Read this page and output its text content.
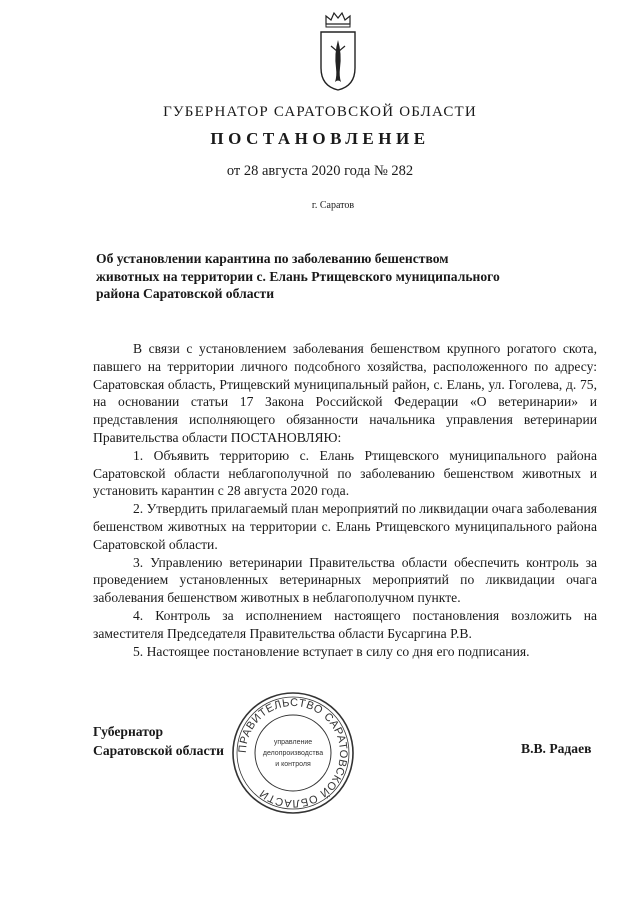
ГУБЕРНАТОР САРАТОВСКОЙ ОБЛАСТИ
ПОСТАНОВЛЕНИЕ
от 28 августа 2020 года № 282
г. Саратов
Об установлении карантина по заболеванию бешенством
животных на территории с. Елань Ртищевского муниципального
района Саратовской области

В связи с установлением заболевания бешенством крупного рогатого скота, павшего на территории личного подсобного хозяйства, расположенного по адресу: Саратовская область, Ртищевский муниципальный район, с. Елань, ул. Гоголева, д. 75, на основании статьи 17 Закона Российской Федерации «О ветеринарии» и представления исполняющего обязанности начальника управления ветеринарии Правительства области ПОСТАНОВЛЯЮ:

1. Объявить территорию с. Елань Ртищевского муниципального района Саратовской области неблагополучной по заболеванию бешенством животных и установить карантин с 28 августа 2020 года.

2. Утвердить прилагаемый план мероприятий по ликвидации очага заболевания бешенством животных на территории с. Елань Ртищевского муниципального района Саратовской области.

3. Управлению ветеринарии Правительства области обеспечить контроль за проведением установленных ветеринарных мероприятий по ликвидации очага заболевания бешенством животных в неблагополучном пункте.

4. Контроль за исполнением настоящего постановления возложить на заместителя Председателя Правительства области Бусаргина Р.В.

5. Настоящее постановление вступает в силу со дня его подписания.

Губернатор
Саратовской области	В.В. Радаев
ПРАВИТЕЛЬСТВО САРАТОВСКОЙ ОБЛАСТИ
управление
делопроизводства
и контроля
